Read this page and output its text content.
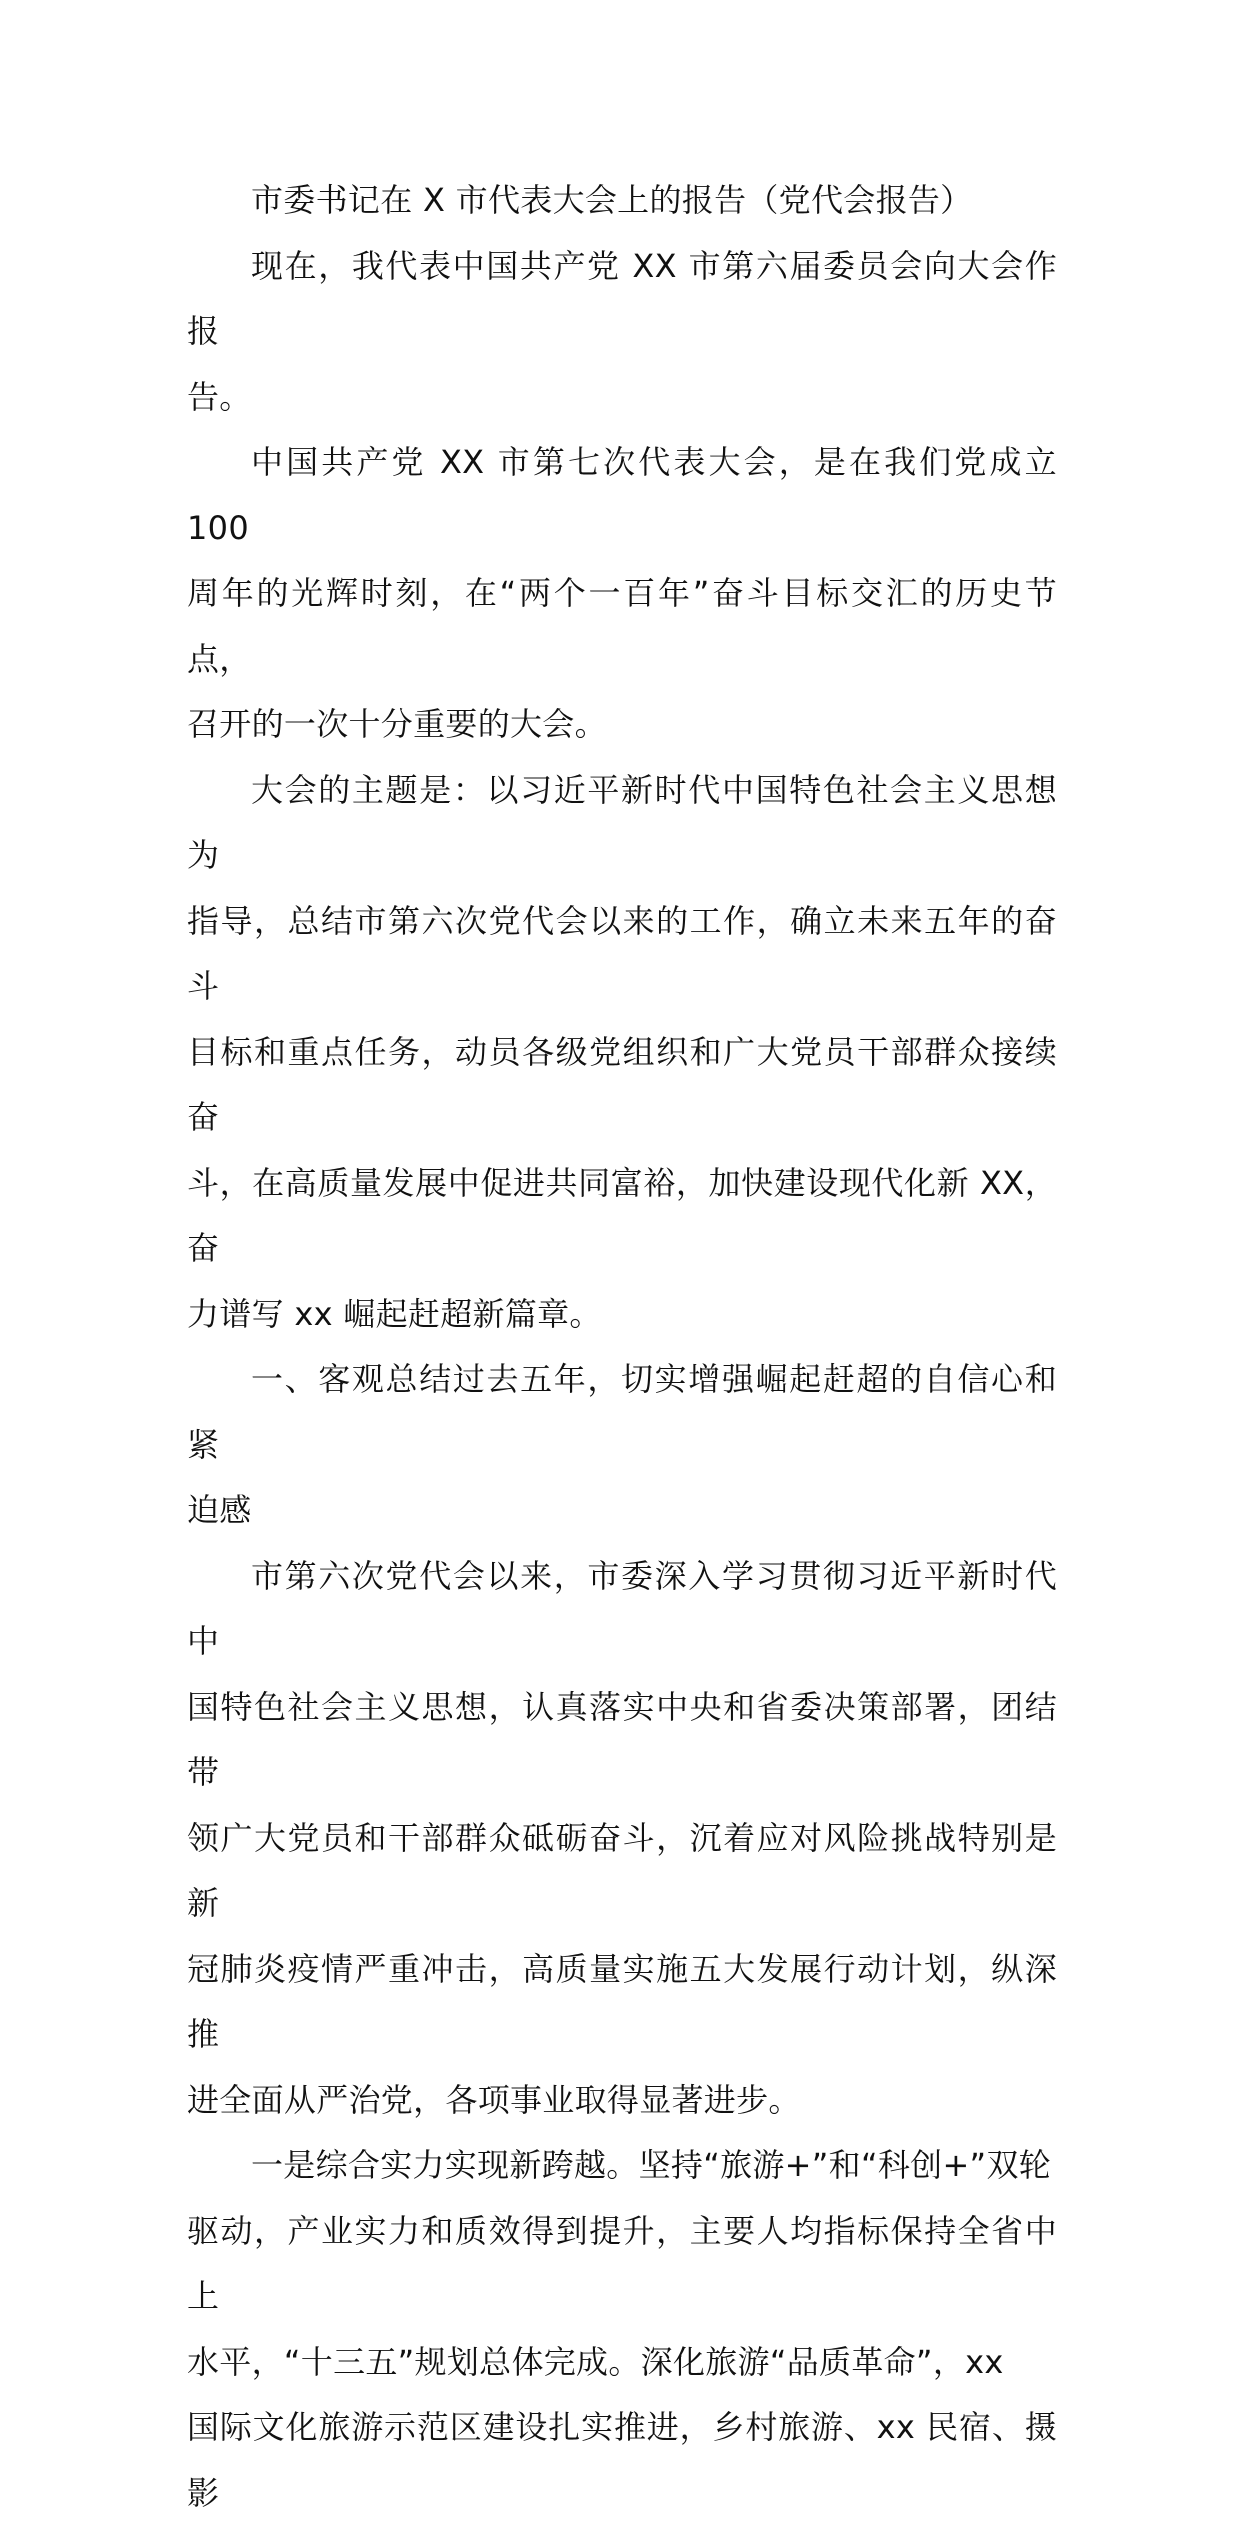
市委书记在 X 市代表大会上的报告（党代会报告）

现在，我代表中国共产党 XX 市第六届委员会向大会作报
告。

中国共产党 XX 市第七次代表大会，是在我们党成立 100
周年的光辉时刻，在“两个一百年”奋斗目标交汇的历史节点，
召开的一次十分重要的大会。

大会的主题是：以习近平新时代中国特色社会主义思想为
指导，总结市第六次党代会以来的工作，确立未来五年的奋斗
目标和重点任务，动员各级党组织和广大党员干部群众接续奋
斗，在高质量发展中促进共同富裕，加快建设现代化新 XX，奋
力谱写 xx 崛起赶超新篇章。

一、客观总结过去五年，切实增强崛起赶超的自信心和紧
迫感

市第六次党代会以来，市委深入学习贯彻习近平新时代中
国特色社会主义思想，认真落实中央和省委决策部署，团结带
领广大党员和干部群众砥砺奋斗，沉着应对风险挑战特别是新
冠肺炎疫情严重冲击，高质量实施五大发展行动计划，纵深推
进全面从严治党，各项事业取得显著进步。

一是综合实力实现新跨越。坚持“旅游+”和“科创+”双轮
驱动，产业实力和质效得到提升，主要人均指标保持全省中上
水平，“十三五”规划总体完成。深化旅游“品质革命”，xx
国际文化旅游示范区建设扎实推进，乡村旅游、xx 民宿、摄影
